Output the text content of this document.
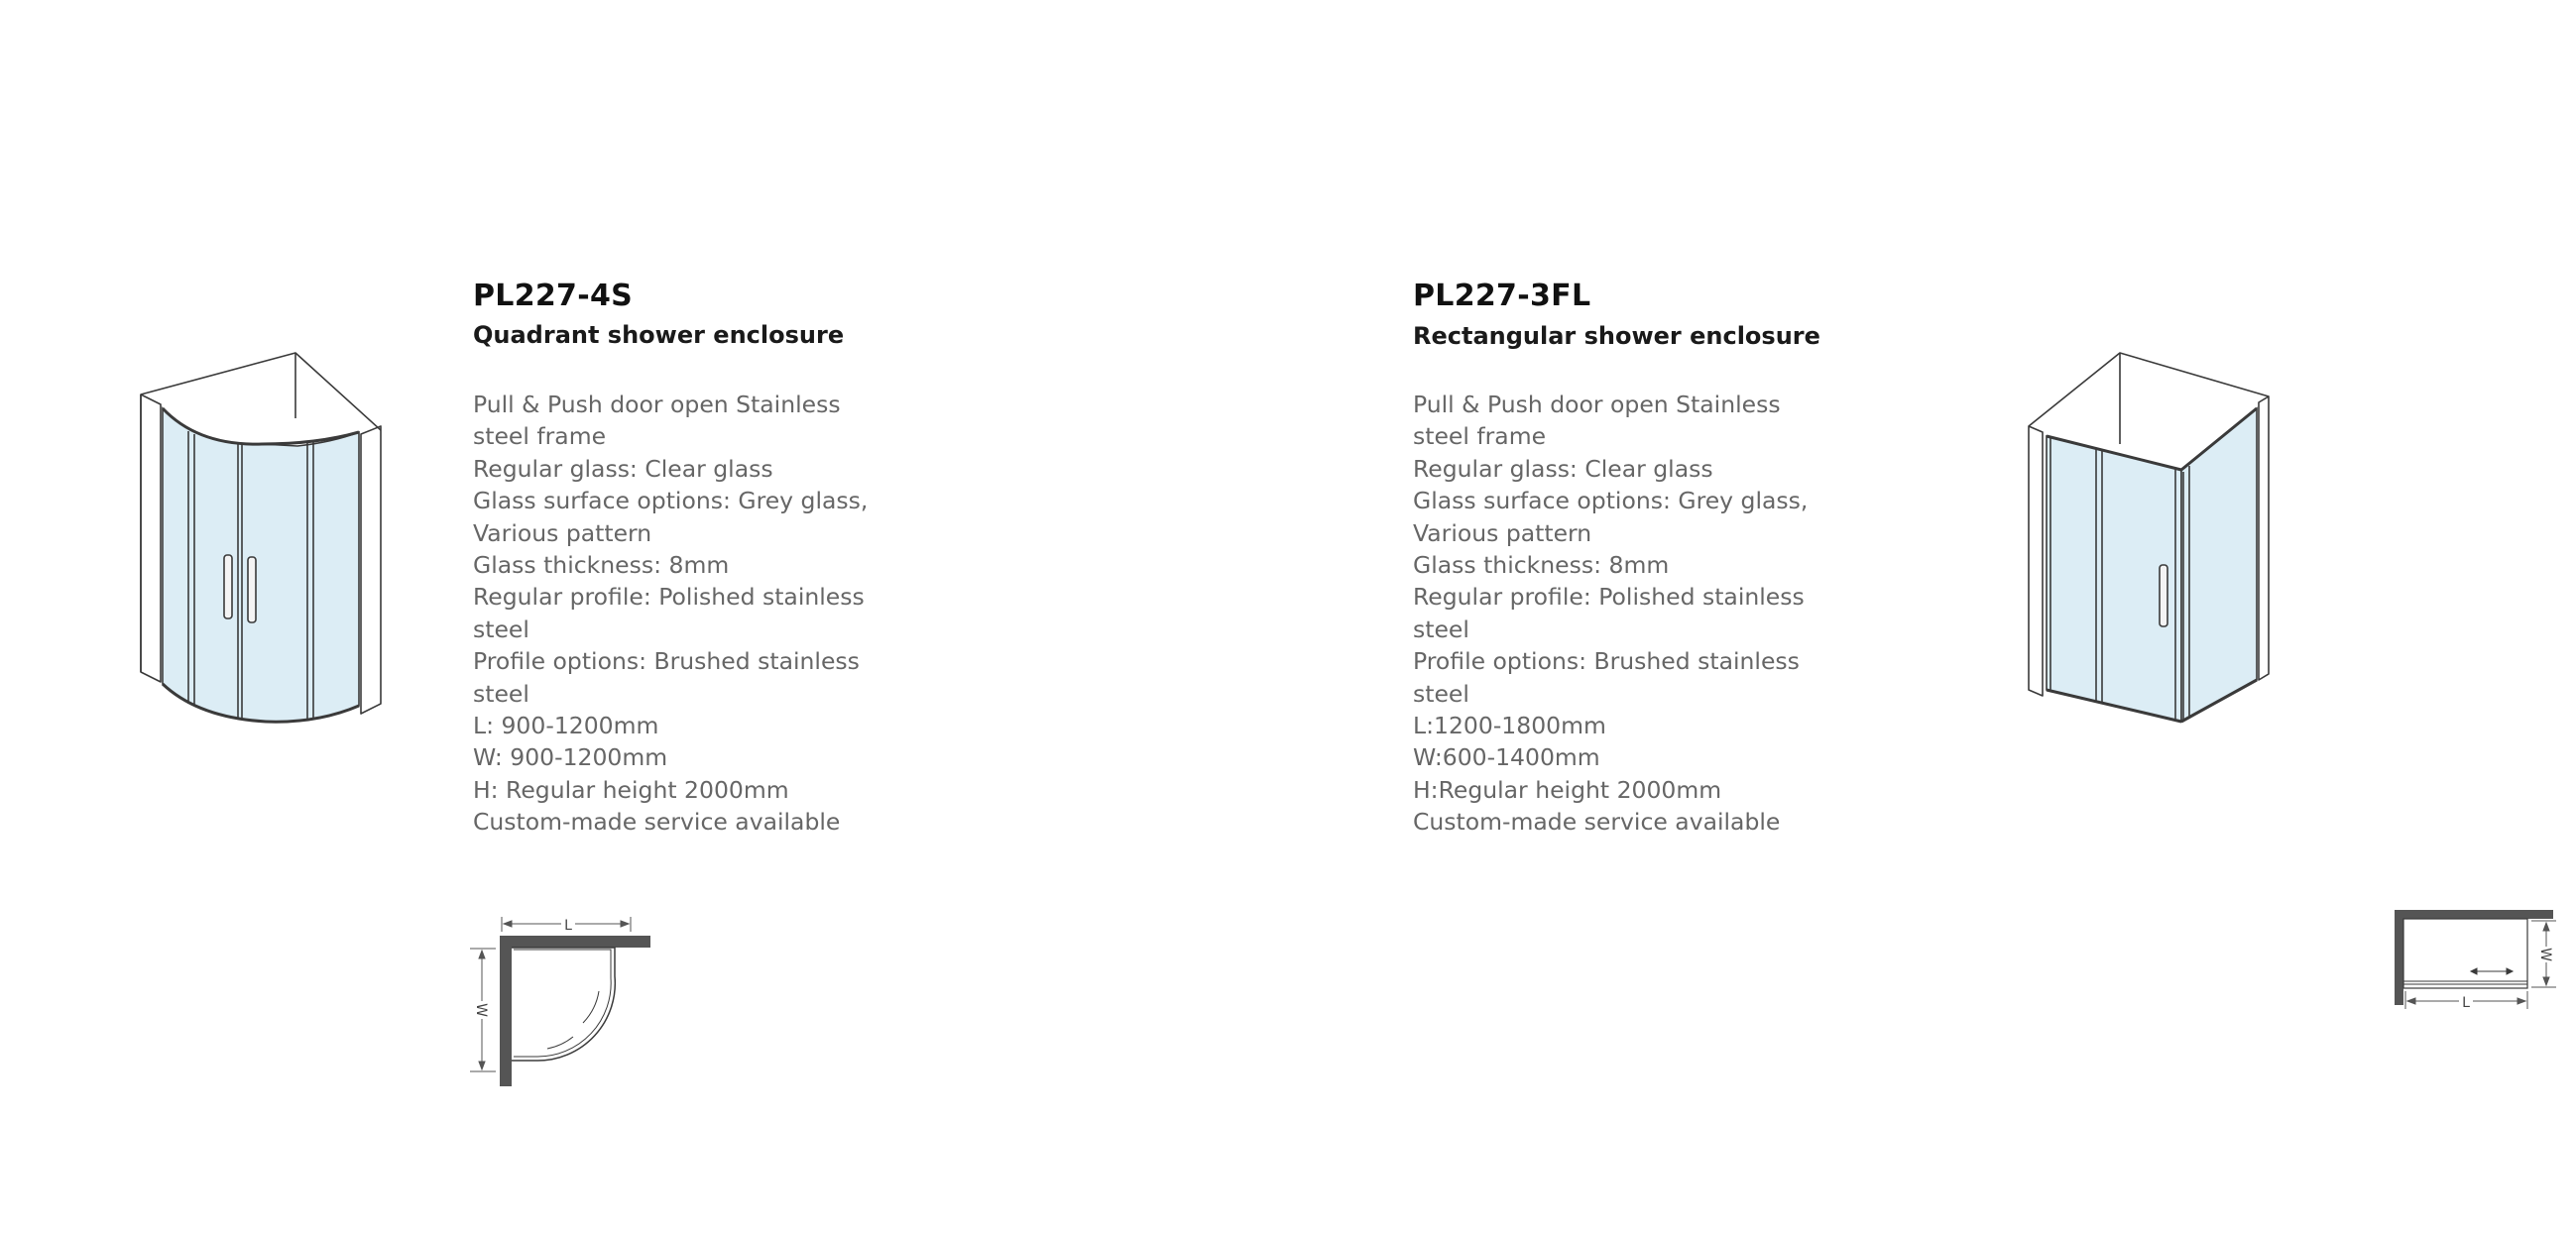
PL227-4S
Quadrant shower enclosure
Pull & Push door open Stainless
steel frame
Regular glass: Clear glass
Glass surface options: Grey glass,
Various pattern
Glass thickness: 8mm
Regular profile: Polished stainless
steel
Profile options: Brushed stainless
steel
L: 900-1200mm
W: 900-1200mm
H: Regular height 2000mm
Custom-made service available
L
W
PL227-3FL
Rectangular shower enclosure
Pull & Push door open Stainless
steel frame
Regular glass: Clear glass
Glass surface options: Grey glass,
Various pattern
Glass thickness: 8mm
Regular profile: Polished stainless
steel
Profile options: Brushed stainless
steel
L:1200-1800mm
W:600-1400mm
H:Regular height 2000mm
Custom-made service available
W
L
